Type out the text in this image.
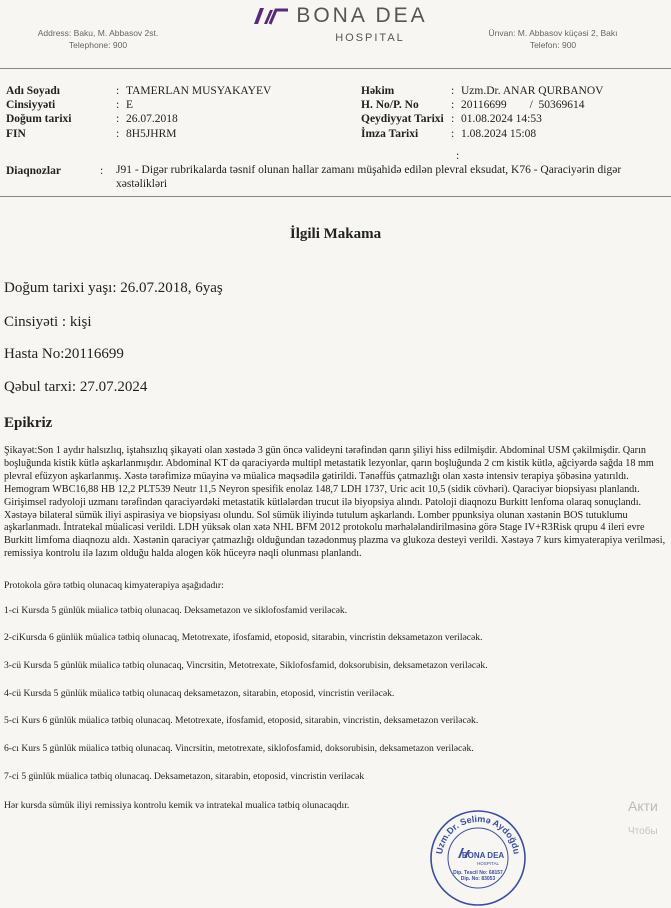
Address: Baku, M. Abbasov 2st.
Telephone: 900
BONA DEA
HOSPITAL	Ünvan: M. Abbasov küçəsi 2, Bakı
Telefon: 900
Adı Soyadı	: TAMERLAN MUSYAKAYEV
Cinsiyyəti	: E
Doğum tarixi	: 26.07.2018
FIN	: 8H5JHRM
Həkim	: Uzm.Dr. ANAR QURBANOV
H. No/P. No	: 20116699        /  50369614
Qeydiyyat Tarixi : 01.08.2024 14:53
İmza Tarixi	: 1.08.2024 15:08
:
Diaqnozlar	: J91 - Digər rubrikalarda təsnif olunan hallar zamanı müşahidə edilən plevral eksudat, K76 - Qaraciyərin digər xəstəlikləri
İlgili Makama
Doğum tarixi yaşı: 26.07.2018, 6yaş
Cinsiyəti : kişi
Hasta No:20116699
Qəbul tarxi: 27.07.2024
Epikriz
Şikayət:Son 1 aydır halsızlıq, iştahsızlıq şikayəti olan xəstədə 3 gün öncə valideyni tərəfindən qarın şiliyi hiss edilmişdir. Abdominal USM çəkilmişdir. Qarın boşluğunda kistik kütlə aşkarlanmışdır. Abdominal KT də qaraciyərdə multipl metastatik lezyonlar, qarın boşluğunda 2 cm kistik kütlə, ağciyərdə sağda 18 mm plevral efüzyon aşkarlanmış. Xəstə tərəfimizə müayinə və müalicə məqsədilə gətirildi. Tənəffüs çatmazlığı olan xəstə intensiv terapiya şöbəsinə yatırıldı. Hemogram WBC16,88 HB 12,2 PLT539 Neutr 11,5 Neyron spesifik enolaz 148,7 LDH 1737, Uric acit 10,5 (sidik cövhəri). Qaraciyər biopsiyası planlandı. Girişimsel radyoloji uzmanı tərəfindən qaraciyərdəki metastatik kütlələrdən trucut ilə biyopsiya alındı. Patoloji diaqnozu Burkitt lenfoma olaraq sonuçlandı. Xəstəyə bilateral sümük iliyi aspirasiya ve biopsiyası olundu. Sol sümük iliyində tutulum aşkarlandı. Lomber ppunksiya olunan xəstənin BOS tutuklumu aşkarlanmadı. İntratekal müalicəsi verildi. LDH yüksək olan xətə NHL BFM 2012 protokolu mərhələlandirilməsinə görə Stage IV+R3Risk qrupu 4 ileri evre Burkitt limfoma diaqnozu aldı. Xəstənin qaraciyər çatmazlığı olduğundan təzədonmuş plazma və glukoza desteyi verildi. Xəstəyə 7 kurs kimyaterapiya verilməsi, remissiya kontrolu ilə lazım olduğu halda alogen kök hüceyrə nəqli olunması planlandı.
Protokola görə tətbiq olunacaq kimyaterapiya aşağıdadır:
1-ci Kursda 5 günlük müalicə tətbiq olunacaq. Deksametazon ve siklofosfamid veriləcək.
2-ciKursda 6 günlük müalicə tətbiq olunacaq, Metotrexate, ifosfamid, etoposid, sitarabin, vincristin deksametazon veriləcək.
3-cü Kursda 5 günlük müalicə tətbiq olunacaq, Vincrsitin, Metotrexate, Siklofosfamid, doksorubisin, deksametazon veriləcək.
4-cü Kursda 5 günlük müalicə tətbiq olunacaq deksametazon, sitarabin, etoposid, vincristin veriləcək.
5-ci Kurs 6 günlük müalicə tətbiq olunacaq. Metotrexate, ifosfamid, etoposid, sitarabin, vincristin, deksametazon veriləcək.
6-cı Kurs 5 günlük müalicə tətbiq olunacaq. Vincrsitin, metotrexate, siklofosfamid, doksorubisin, deksametazon veriləcək.
7-ci 5 günlük müalicə tətbiq olunacaq. Deksametazon, sitarabin, etoposid, vincristin veriləcək
Hər kursda sümük iliyi remissiya kontrolu kemik və intratekal mualicə tətbiq olunacaqdır.	Акти
Чтобы
Uzm.Dr. Selimə Aydoğdu
BONA DEA
HOSPITAL
Dip. Tescil No: 68157
Dip. No: 83053
